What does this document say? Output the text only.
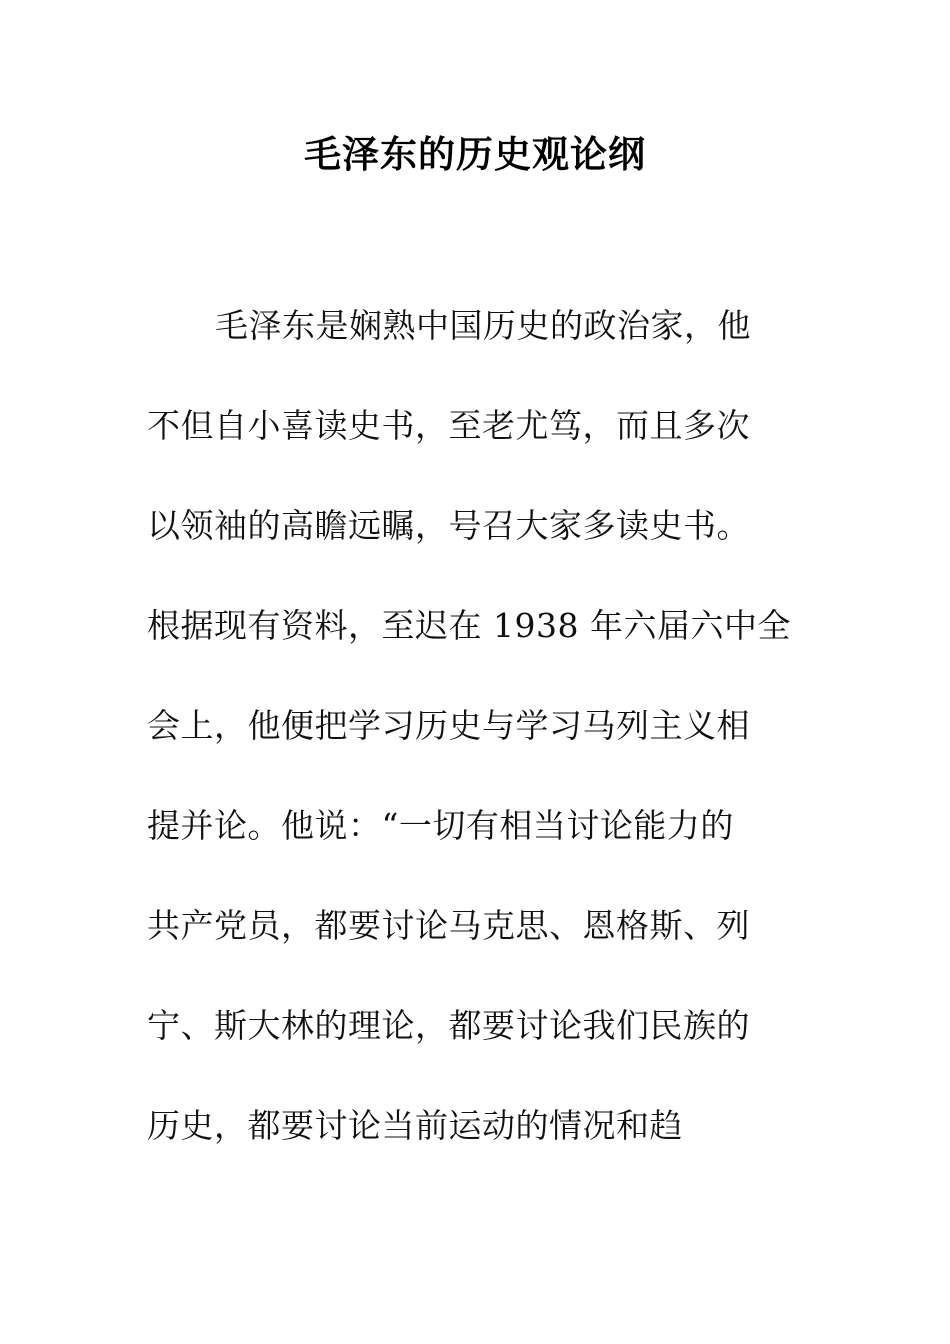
毛泽东的历史观论纲
毛泽东是娴熟中国历史的政治家，他
不但自小喜读史书，至老尤笃，而且多次
以领袖的高瞻远瞩，号召大家多读史书。
根据现有资料，至迟在 1938 年六届六中全
会上，他便把学习历史与学习马列主义相
提并论。他说：“一切有相当讨论能力的
共产党员，都要讨论马克思、恩格斯、列
宁、斯大林的理论，都要讨论我们民族的
历史，都要讨论当前运动的情况和趋
